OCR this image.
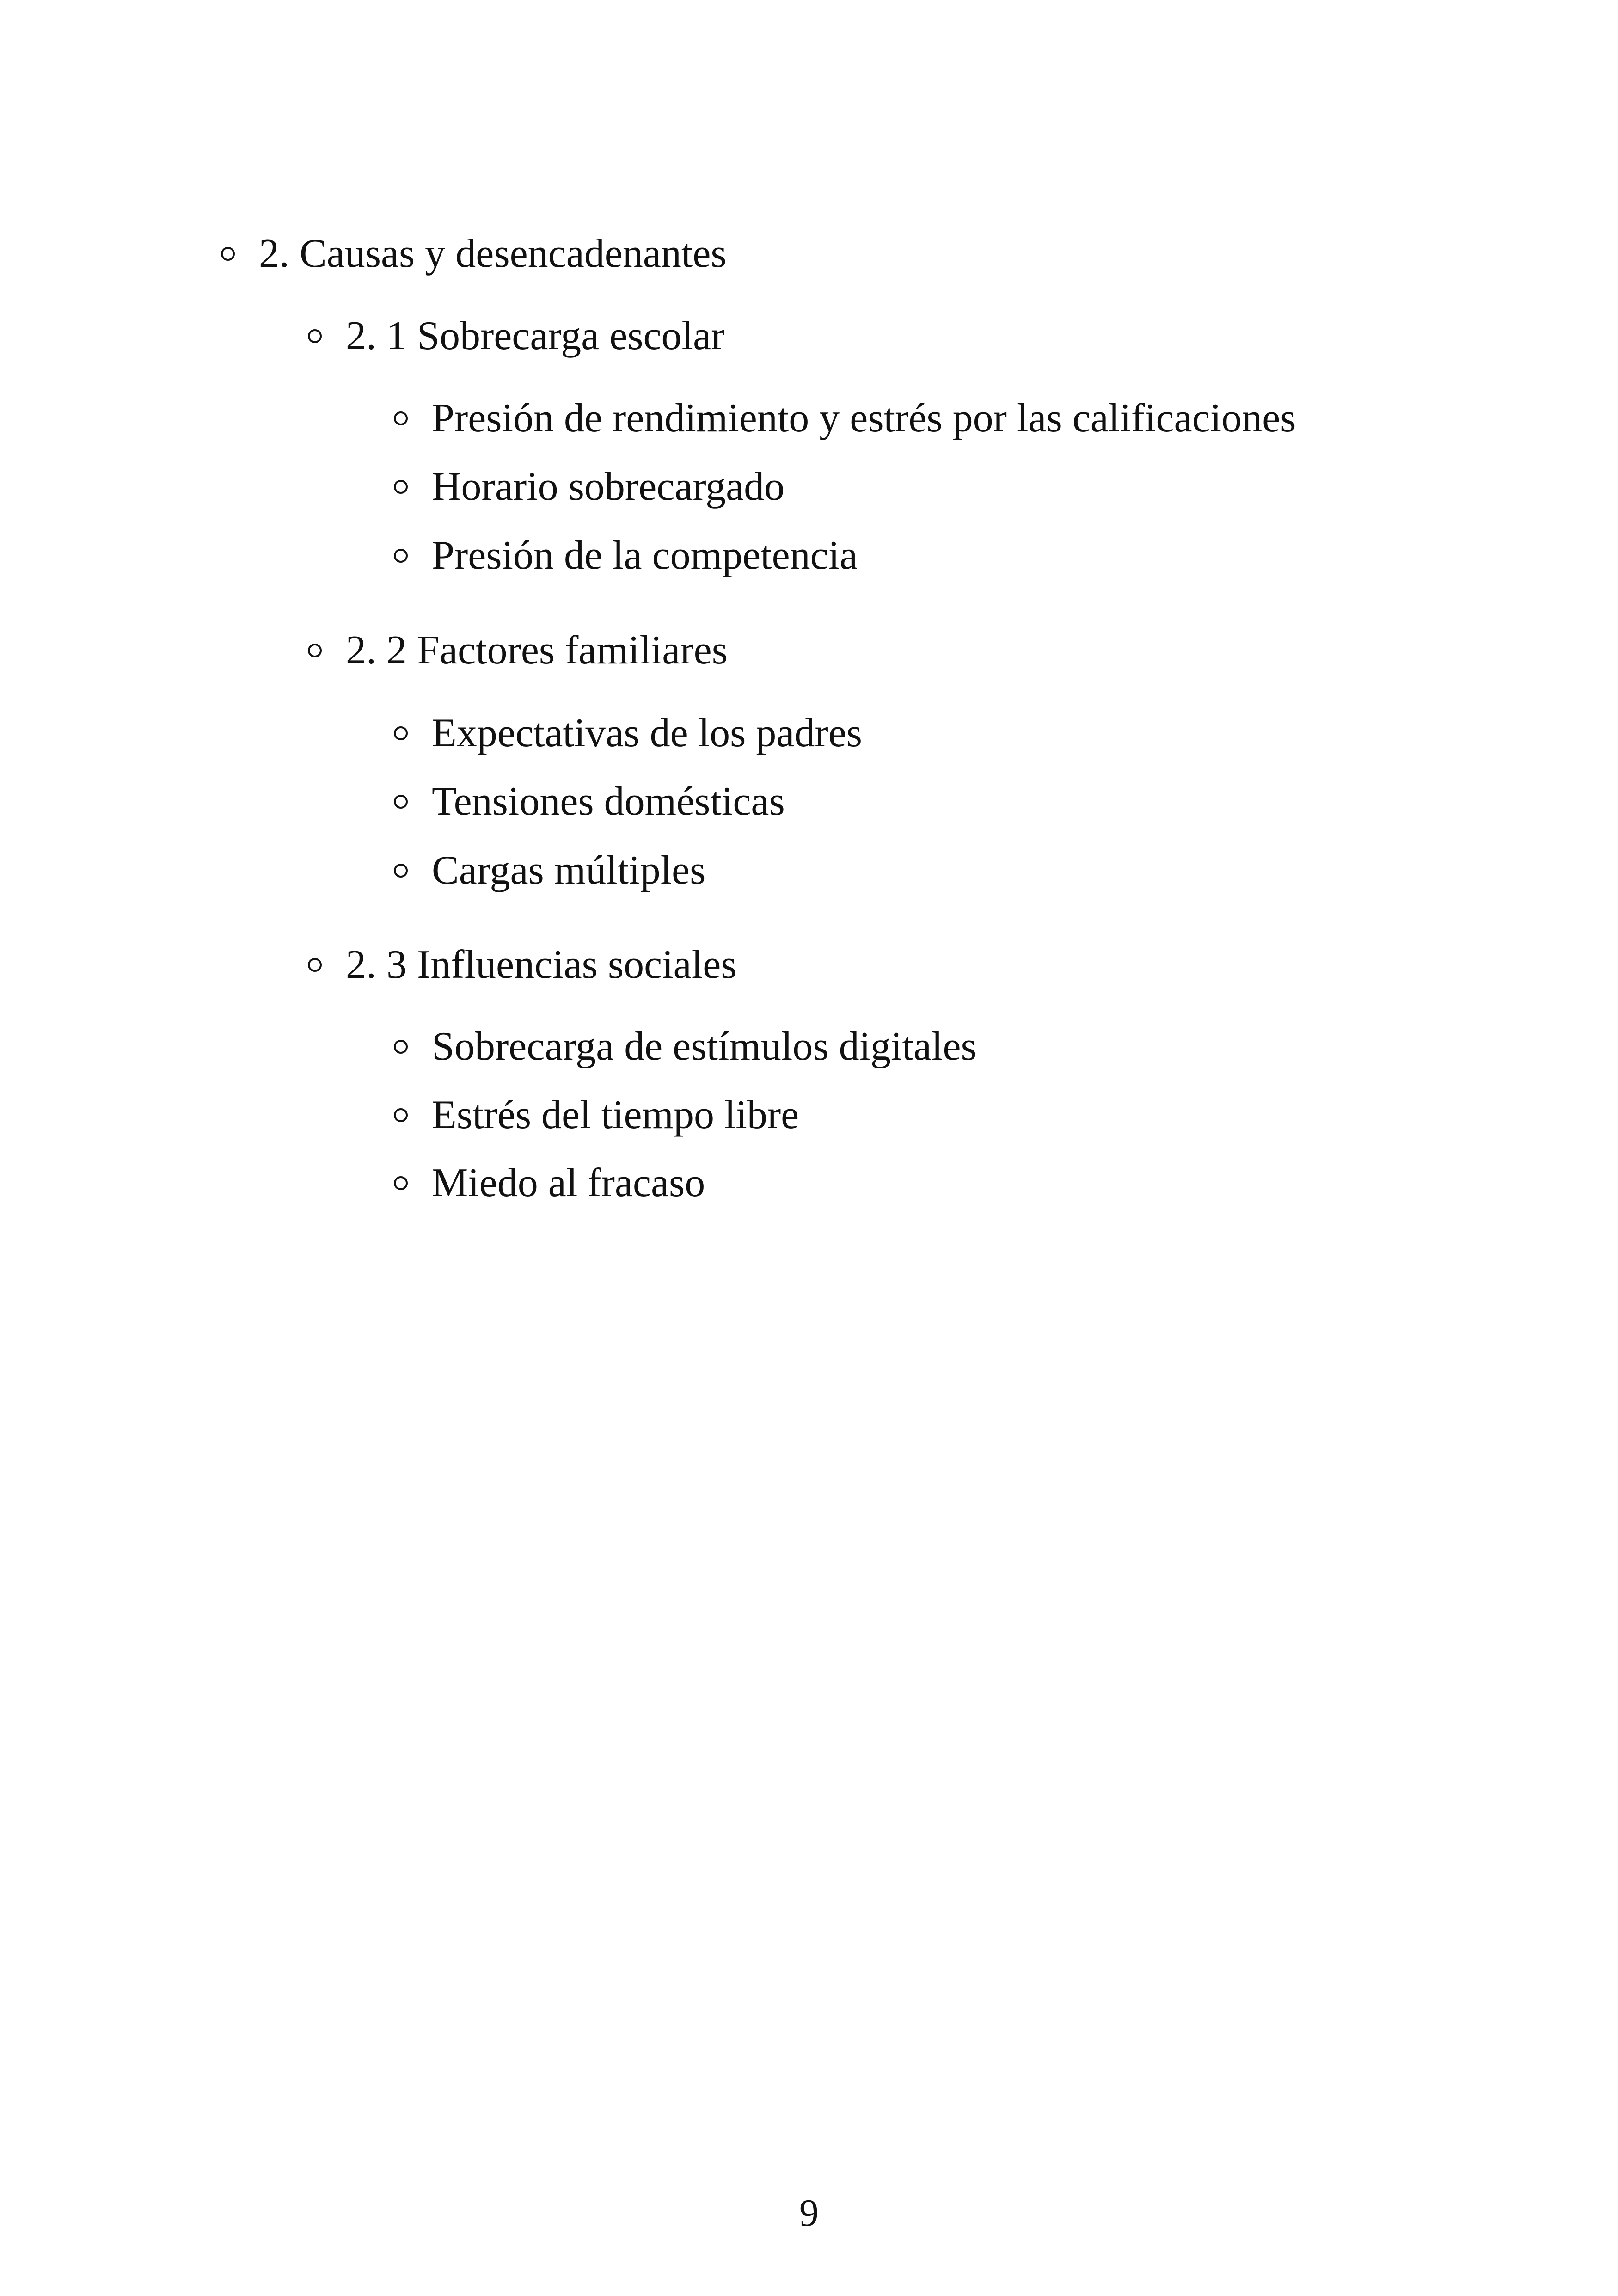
2. Causas y desencadenantes
2. 1 Sobrecarga escolar
Presión de rendimiento y estrés por las calificaciones
Horario sobrecargado
Presión de la competencia
2. 2 Factores familiares
Expectativas de los padres
Tensiones domésticas
Cargas múltiples
2. 3 Influencias sociales
Sobrecarga de estímulos digitales
Estrés del tiempo libre
Miedo al fracaso
9
